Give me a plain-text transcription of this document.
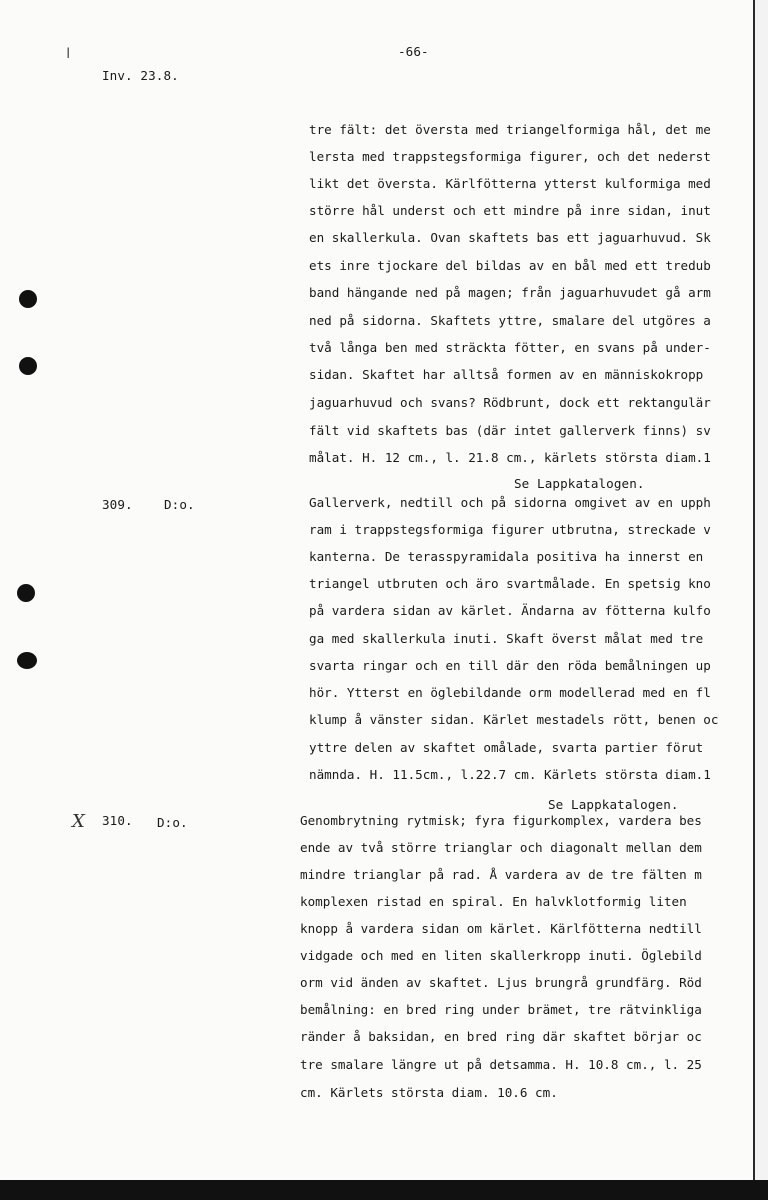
ǀ	-66-
Inv. 23.8.
tre fält: det översta med triangelformiga hål, det me
lersta med trappstegsformiga figurer, och det nederst
likt det översta. Kärlfötterna ytterst kulformiga med
större hål underst och ett mindre på inre sidan, inut
en skallerkula. Ovan skaftets bas ett jaguarhuvud. Sk
ets inre tjockare del bildas av en bål med ett tredub
band hängande ned på magen; från jaguarhuvudet gå arm
ned på sidorna. Skaftets yttre, smalare del utgöres a
två långa ben med sträckta fötter, en svans på under-
sidan. Skaftet har alltså formen av en människokropp
jaguarhuvud och svans? Rödbrunt, dock ett rektangulär
fält vid skaftets bas (där intet gallerverk finns) sv
målat. H. 12 cm., l. 21.8 cm., kärlets största diam.1
Se Lappkatalogen.
309. D:o.	Gallerverk, nedtill och på sidorna omgivet av en upph
ram i trappstegsformiga figurer utbrutna, streckade v
kanterna. De terasspyramidala positiva ha innerst en
triangel utbruten och äro svartmålade. En spetsig kno
på vardera sidan av kärlet. Ändarna av fötterna kulfo
ga med skallerkula inuti. Skaft överst målat med tre
svarta ringar och en till där den röda bemålningen up
hör. Ytterst en öglebildande orm modellerad med en fl
klump å vänster sidan. Kärlet mestadels rött, benen oc
yttre delen av skaftet omålade, svarta partier förut
nämnda. H. 11.5cm., l.22.7 cm. Kärlets största diam.1
Se Lappkatalogen.
X 310. D:o.	Genombrytning rytmisk; fyra figurkomplex, vardera bes
ende av två större trianglar och diagonalt mellan dem
mindre trianglar på rad. Å vardera av de tre fälten m
komplexen ristad en spiral. En halvklotformig liten
knopp å vardera sidan om kärlet. Kärlfötterna nedtill
vidgade och med en liten skallerkropp inuti. Öglebild
orm vid änden av skaftet. Ljus brungrå grundfärg. Röd
bemålning: en bred ring under brämet, tre rätvinkliga
ränder å baksidan, en bred ring där skaftet börjar oc
tre smalare längre ut på detsamma. H. 10.8 cm., l. 25
cm. Kärlets största diam. 10.6 cm.
